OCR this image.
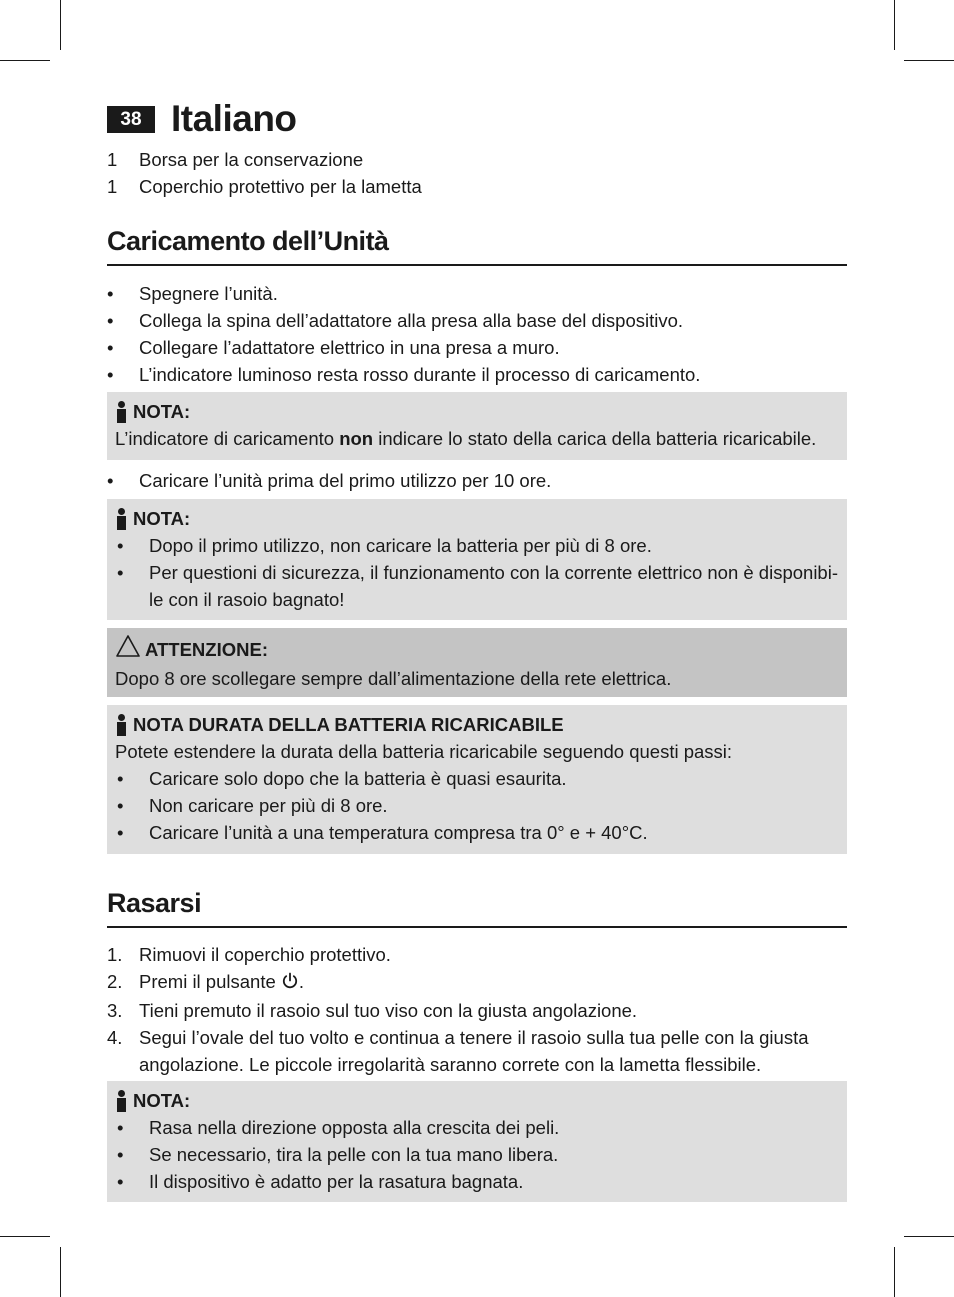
38 Italiano
1	Borsa per la conservazione
1	Coperchio protettivo per la lametta
Caricamento dell’Unità
•	Spegnere l’unità.
•	Collega la spina dell’adattatore alla presa alla base del dispositivo.
•	Collegare l’adattatore elettrico in una presa a muro.
•	L’indicatore luminoso resta rosso durante il processo di caricamento.
NOTA:
L’indicatore di caricamento non indicare lo stato della carica della batteria ricaricabile.
•	Caricare l’unità prima del primo utilizzo per 10 ore.
NOTA:
•	Dopo il primo utilizzo, non caricare la batteria per più di 8 ore.
•	Per questioni di sicurezza, il funzionamento con la corrente elettrico non è disponibi-le con il rasoio bagnato!
ATTENZIONE:
Dopo 8 ore scollegare sempre dall’alimentazione della rete elettrica.
NOTA DURATA DELLA BATTERIA RICARICABILE
Potete estendere la durata della batteria ricaricabile seguendo questi passi:
•	Caricare solo dopo che la batteria è quasi esaurita.
•	Non caricare per più di 8 ore.
•	Caricare l’unità a una temperatura compresa tra 0° e + 40°C.
Rasarsi
1. Rimuovi il coperchio protettivo.
2. Premi il pulsante .
3. Tieni premuto il rasoio sul tuo viso con la giusta angolazione.
4. Segui l’ovale del tuo volto e continua a tenere il rasoio sulla tua pelle con la giusta angolazione. Le piccole irregolarità saranno correte con la lametta flessibile.
NOTA:
•	Rasa nella direzione opposta alla crescita dei peli.
•	Se necessario, tira la pelle con la tua mano libera.
•	Il dispositivo è adatto per la rasatura bagnata.
